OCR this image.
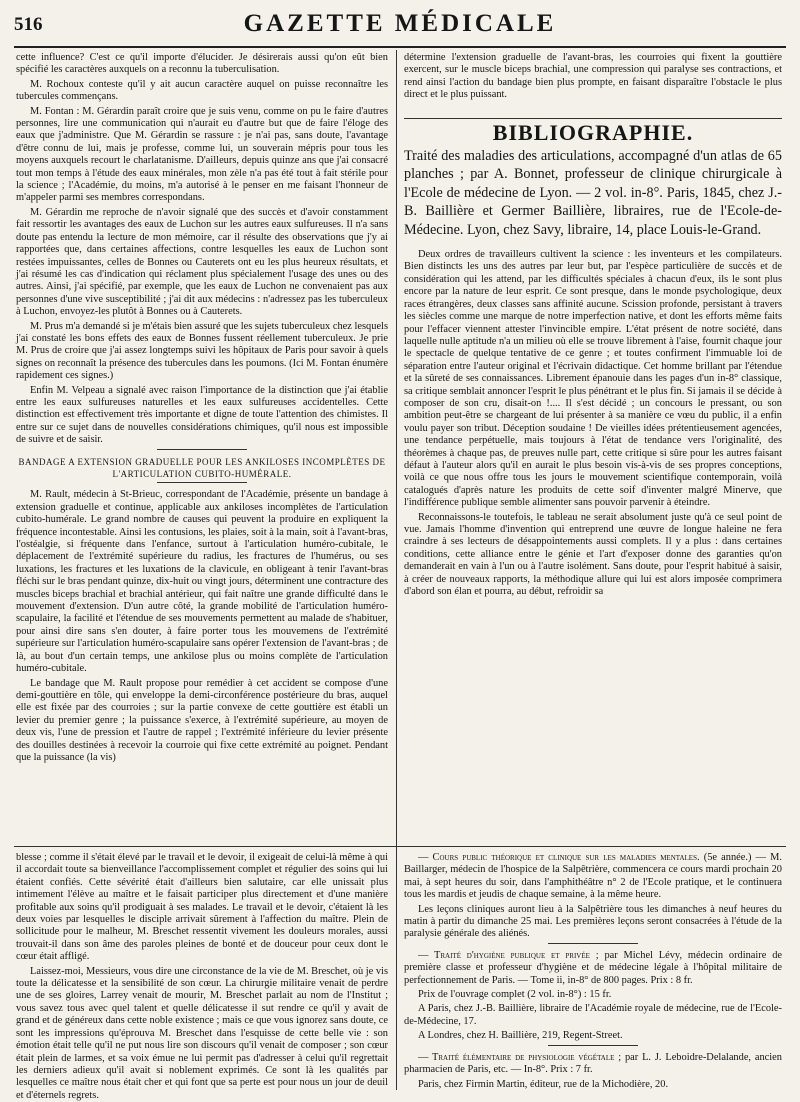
516	GAZETTE MÉDICALE

cette influence? C'est ce qu'il importe d'élucider. Je désirerais aussi qu'on eût bien spécifié les caractères auxquels on a reconnu la tuberculisation.

M. Rochoux conteste qu'il y ait aucun caractère auquel on puisse reconnaître les tubercules commençans.

M. Fontan : M. Gérardin paraît croire que je suis venu, comme on pu le faire d'autres personnes, lire une communication qui n'aurait eu d'autre but que de faire l'éloge des eaux que j'administre. Que M. Gérardin se rassure : je n'ai pas, sans doute, l'avantage d'être connu de lui, mais je professe, comme lui, un souverain mépris pour tous les moyens auxquels recourt le charlatanisme. D'ailleurs, depuis quinze ans que j'ai consacré tout mon temps à l'étude des eaux minérales, mon zèle n'a pas été tout à fait stérile pour la science ; l'Académie, du moins, m'a autorisé à le penser en me faisant l'honneur de m'appeler parmi ses membres correspondans.

M. Gérardin me reproche de n'avoir signalé que des succès et d'avoir constamment fait ressortir les avantages des eaux de Luchon sur les autres eaux sulfureuses. Il n'a sans doute pas entendu la lecture de mon mémoire, car il résulte des observations que j'y ai rapportées que, dans certaines affections, contre lesquelles les eaux de Luchon sont restées impuissantes, celles de Bonnes ou Cauterets ont eu les plus heureux résultats, et j'ai résumé les cas d'indication qui réclament plus spécialement l'usage des unes ou des autres. Ainsi, j'ai spécifié, par exemple, que les eaux de Luchon ne convenaient pas aux personnes d'une vive susceptibilité ; j'ai dit aux médecins : n'adressez pas les tuberculeux à Luchon, envoyez-les plutôt à Bonnes ou à Cauterets.

M. Prus m'a demandé si je m'étais bien assuré que les sujets tuberculeux chez lesquels j'ai constaté les bons effets des eaux de Bonnes fussent réellement tuberculeux. Je prie M. Prus de croire que j'ai assez longtemps suivi les hôpitaux de Paris pour savoir à quels signes on reconnaît la présence des tubercules dans les poumons. (Ici M. Fontan énumère rapidement ces signes.)

Enfin M. Velpeau a signalé avec raison l'importance de la distinction que j'ai établie entre les eaux sulfureuses naturelles et les eaux sulfureuses accidentelles. Cette distinction est effectivement très importante et digne de toute l'attention des chimistes. Il entre sur ce sujet dans de nouvelles considérations chimiques, qu'il nous est impossible de suivre et de saisir.

BANDAGE A EXTENSION GRADUELLE POUR LES ANKILOSES INCOMPLÈTES DE L'ARTICULATION CUBITO-HUMÉRALE.

M. Rault, médecin à St-Brieuc, correspondant de l'Académie, présente un bandage à extension graduelle et continue, applicable aux ankiloses incomplètes de l'articulation cubito-humérale. Le grand nombre de causes qui peuvent la produire en expliquent la fréquence incontestable. Ainsi les contusions, les plaies, soit à la main, soit à l'avant-bras, l'ostéalgie, si fréquente dans l'enfance, surtout à l'articulation huméro-cubitale, le déplacement de l'extrémité supérieure du radius, les fractures de l'humérus, ou ses luxations, les fractures et les luxations de la clavicule, en obligeant à tenir l'avant-bras fléchi sur le bras pendant quinze, dix-huit ou vingt jours, déterminent une contracture des muscles biceps brachial et brachial antérieur, qui fait naître une grande difficulté dans le mouvement d'extension. D'un autre côté, la grande mobilité de l'articulation huméro-scapulaire, la facilité et l'étendue de ses mouvements permettent au malade de s'habituer, pour ainsi dire sans s'en douter, à faire porter tous les mouvemens de l'extrémité supérieure sur l'articulation huméro-scapulaire sans opérer l'extension de l'avant-bras ; de là, au bout d'un certain temps, une ankilose plus ou moins complète de l'articulation huméro-cubitale.

Le bandage que M. Rault propose pour remédier à cet accident se compose d'une demi-gouttière en tôle, qui enveloppe la demi-circonférence postérieure du bras, auquel elle est fixée par des courroies ; sur la partie convexe de cette gouttière est établi un levier du premier genre ; la puissance s'exerce, à l'extrémité supérieure, au moyen de deux vis, l'une de pression et l'autre de rappel ; l'extrémité inférieure du levier présente des douilles destinées à recevoir la courroie qui fixe cette extrémité au poignet. Pendant que la puissance (la vis)

détermine l'extension graduelle de l'avant-bras, les courroies qui fixent la gouttière exercent, sur le muscle biceps brachial, une compression qui paralyse ses contractions, et rend ainsi l'action du bandage bien plus prompte, en faisant disparaître l'obstacle le plus direct et le plus puissant.

BIBLIOGRAPHIE.
Traité des maladies des articulations, accompagné d'un atlas de 65 planches ; par A. Bonnet, professeur de clinique chirurgicale à l'Ecole de médecine de Lyon. — 2 vol. in-8°. Paris, 1845, chez J.-B. Baillière et Germer Baillière, libraires, rue de l'Ecole-de-Médecine. Lyon, chez Savy, libraire, 14, place Louis-le-Grand.

Deux ordres de travailleurs cultivent la science : les inventeurs et les compilateurs. Bien distincts les uns des autres par leur but, par l'espèce particulière de succès et de considération qui les attend, par les difficultés spéciales à chacun d'eux, ils le sont plus encore par la nature de leur esprit. Ce sont presque, dans le monde psychologique, deux races étrangères, deux classes sans affinité aucune. Scission profonde, persistant à travers les siècles comme une marque de notre imperfection native, et dont les efforts même faits pour l'effacer viennent attester l'invincible empire. L'état présent de notre société, dans laquelle nulle aptitude n'a un milieu où elle se trouve librement à l'aise, fournit chaque jour le spectacle de quelque tentative de ce genre ; et toutes confirment l'immuable loi de séparation entre l'auteur original et l'écrivain didactique. Cet homme brillant par l'étendue et la sûreté de ses connaissances. Librement épanouie dans les pages d'un in-8° classique, sa critique semblait annoncer l'esprit le plus pénétrant et le plus fin. Si jamais il se décide à composer de son cru, disait-on !.... Il s'est décidé ; un concours le pressant, ou son ambition peut-être se chargeant de lui présenter à sa manière ce vœu du public, il a enfin voulu payer son tribut. Déception soudaine ! De vieilles idées prétentieusement agencées, une tendance perpétuelle, mais toujours à l'état de tendance vers l'originalité, des théorèmes à chaque pas, de preuves nulle part, cette critique si sûre pour les autres faisant défaut à l'auteur alors qu'il en aurait le plus besoin vis-à-vis de ses propres conceptions, voilà ce que nous offre tous les jours le mouvement scientifique contemporain, voilà catalogués d'après nature les produits de cette soif d'inventer malgré Minerve, que l'indifférence publique semble alimenter sans pouvoir parvenir à éteindre.

Reconnaissons-le toutefois, le tableau ne serait absolument juste qu'à ce seul point de vue. Jamais l'homme d'invention qui entreprend une œuvre de longue haleine ne fera craindre à ses lecteurs de désappointements aussi complets. Il y a plus : dans certaines conditions, cette alliance entre le génie et l'art d'exposer donne des garanties qu'on demanderait en vain à l'un ou à l'autre isolément. Sans doute, pour l'esprit habitué à saisir, à créer de nouveaux rapports, la méthodique allure qui lui est alors imposée comprimera d'abord son élan et pourra, au début, refroidir sa

blesse ; comme il s'était élevé par le travail et le devoir, il exigeait de celui-là même à qui il accordait toute sa bienveillance l'accomplissement complet et régulier des soins qui lui étaient confiés. Cette sévérité était d'ailleurs bien salutaire, car elle unissait plus intimement l'élève au maître et le faisait participer plus directement et d'une manière profitable aux soins qu'il prodiguait à ses malades. Le travail et le devoir, c'étaient là les deux voies par lesquelles le disciple arrivait sûrement à l'affection du maître. Plein de sollicitude pour le malheur, M. Breschet ressentit vivement les douleurs morales, aussi trouvait-il dans son âme des paroles pleines de bonté et de douceur pour ceux dont le cœur était affligé.

Laissez-moi, Messieurs, vous dire une circonstance de la vie de M. Breschet, où je vis toute la délicatesse et la sensibilité de son cœur. La chirurgie militaire venait de perdre une de ses gloires, Larrey venait de mourir, M. Breschet parlait au nom de l'Institut ; vous savez tous avec quel talent et quelle délicatesse il sut rendre ce qu'il y avait de grand et de généreux dans cette noble existence ; mais ce que vous ignorez sans doute, ce sont les impressions qu'éprouva M. Breschet dans l'esquisse de cette belle vie : son émotion était telle qu'il ne put nous lire son discours qu'il venait de composer ; son cœur était plein de larmes, et sa voix émue ne lui permit pas d'adresser à celui qu'il regrettait les derniers adieux qu'il avait si noblement exprimés. Ce sont là les qualités par lesquelles ce maître nous était cher et qui font que sa perte est pour nous un jour de deuil et d'éternels regrets.

— Cours public théorique et clinique sur les maladies mentales. (5e année.) — M. Baillarger, médecin de l'hospice de la Salpêtrière, commencera ce cours mardi prochain 20 mai, à sept heures du soir, dans l'amphithéâtre n° 2 de l'Ecole pratique, et le continuera tous les mardis et jeudis de chaque semaine, à la même heure.

Les leçons cliniques auront lieu à la Salpêtrière tous les dimanches à neuf heures du matin à partir du dimanche 25 mai. Les premières leçons seront consacrées à l'étude de la paralysie générale des aliénés.

— Traité d'hygiène publique et privée ; par Michel Lévy, médecin ordinaire de première classe et professeur d'hygiène et de médecine légale à l'hôpital militaire de perfectionnement de Paris. — Tome ii, in-8° de 800 pages. Prix : 8 fr.

Prix de l'ouvrage complet (2 vol. in-8°) : 15 fr.

A Paris, chez J.-B. Baillière, libraire de l'Académie royale de médecine, rue de l'Ecole-de-Médecine, 17.

A Londres, chez H. Baillière, 219, Regent-Street.

— Traité élémentaire de physiologie végétale ; par L. J. Leboidre-Delalande, ancien pharmacien de Paris, etc. — In-8°. Prix : 7 fr.

Paris, chez Firmin Martin, éditeur, rue de la Michodière, 20.
